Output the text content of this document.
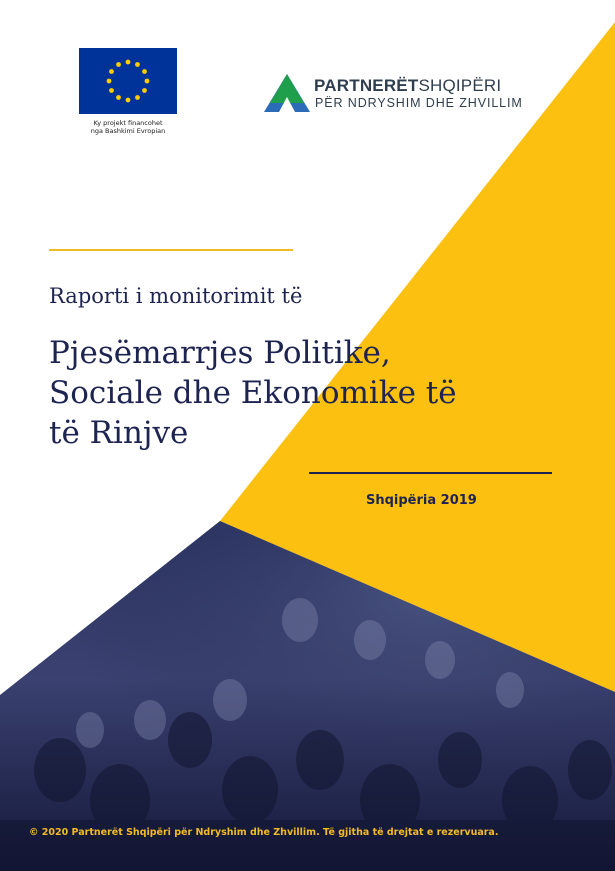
Ky projekt financohet
nga Bashkimi Evropian
PARTNERËTSHQIPËRI
PËR NDRYSHIM DHE ZHVILLIM
Raporti i monitorimit të
Pjesëmarrjes Politike,
Sociale dhe Ekonomike të
të Rinjve
Shqipëria 2019
© 2020 Partnerët Shqipëri për Ndryshim dhe Zhvillim. Të gjitha të drejtat e rezervuara.
